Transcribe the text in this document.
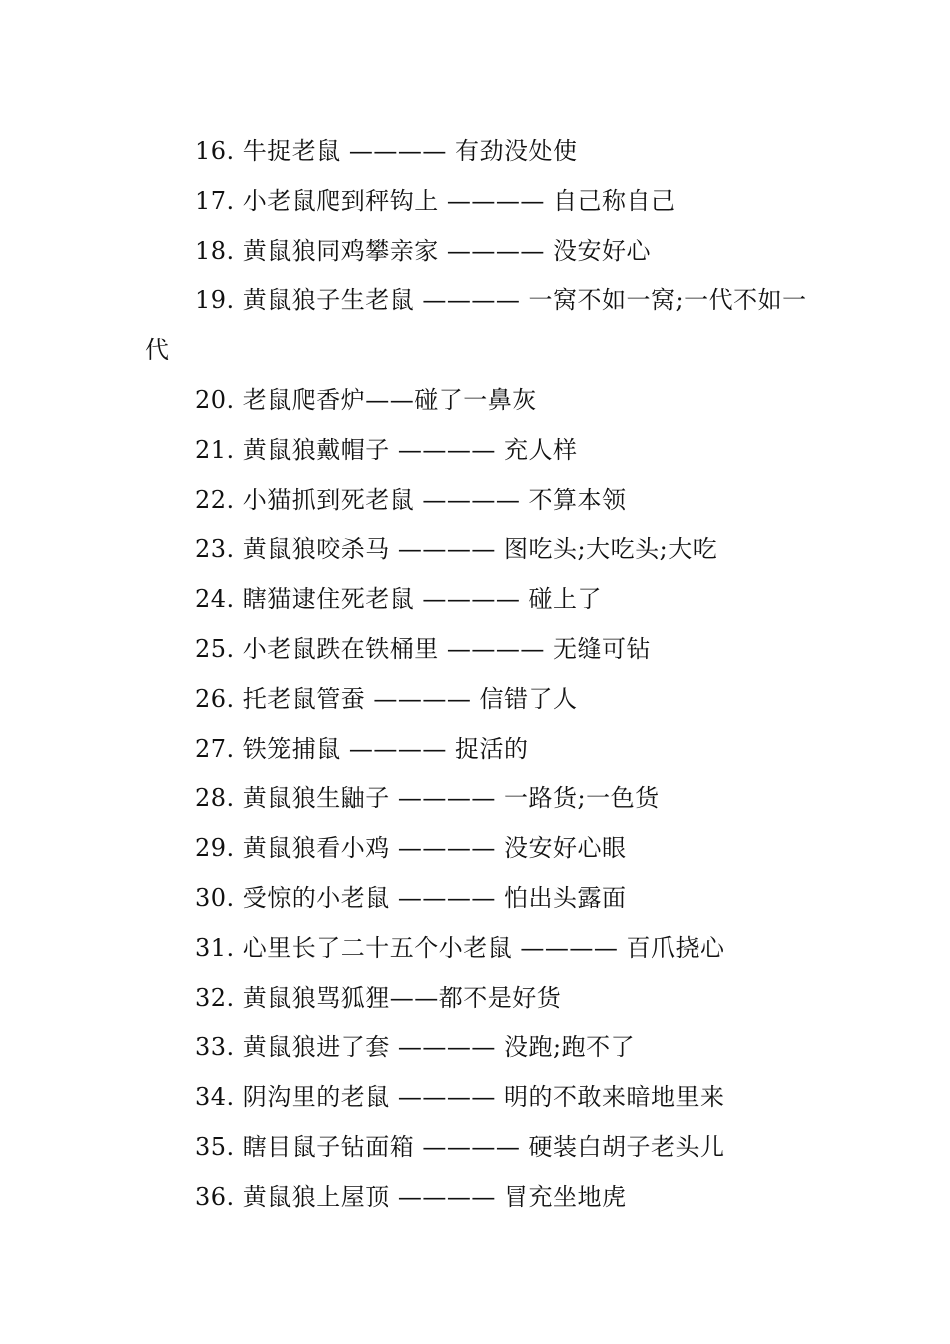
16. 牛捉老鼠 ———— 有劲没处使
17. 小老鼠爬到秤钩上 ———— 自己称自己
18. 黄鼠狼同鸡攀亲家 ———— 没安好心
19. 黄鼠狼子生老鼠 ———— 一窝不如一窝;一代不如一代
20. 老鼠爬香炉——碰了一鼻灰
21. 黄鼠狼戴帽子 ———— 充人样
22. 小猫抓到死老鼠 ———— 不算本领
23. 黄鼠狼咬杀马 ———— 图吃头;大吃头;大吃
24. 瞎猫逮住死老鼠 ———— 碰上了
25. 小老鼠跌在铁桶里 ———— 无缝可钻
26. 托老鼠管蚕 ———— 信错了人
27. 铁笼捕鼠 ———— 捉活的
28. 黄鼠狼生鼬子 ———— 一路货;一色货
29. 黄鼠狼看小鸡 ———— 没安好心眼
30. 受惊的小老鼠 ———— 怕出头露面
31. 心里长了二十五个小老鼠 ———— 百爪挠心
32. 黄鼠狼骂狐狸——都不是好货
33. 黄鼠狼进了套 ———— 没跑;跑不了
34. 阴沟里的老鼠 ———— 明的不敢来暗地里来
35. 瞎目鼠子钻面箱 ———— 硬装白胡子老头儿
36. 黄鼠狼上屋顶 ———— 冒充坐地虎
